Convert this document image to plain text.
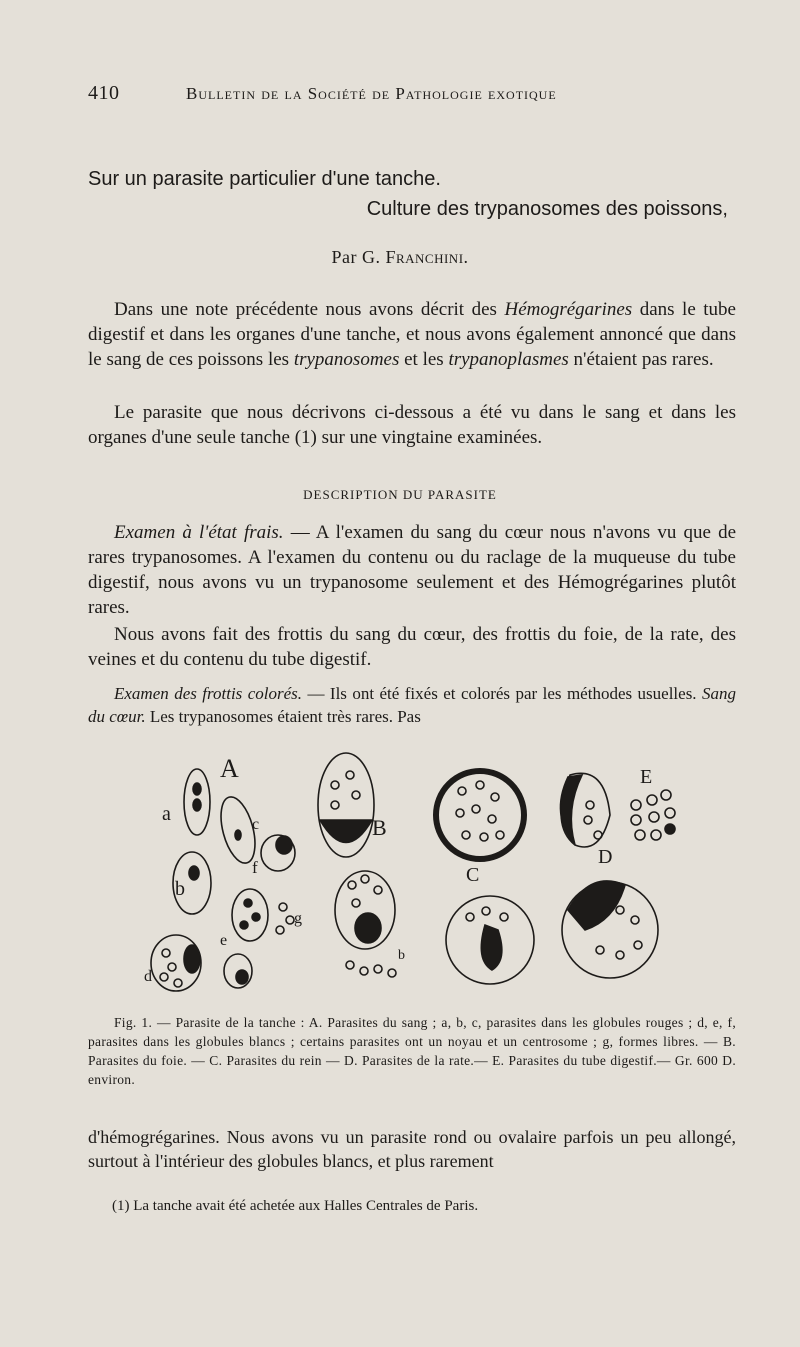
410	Bulletin de la Société de Pathologie exotique
Sur un parasite particulier d'une tanche.
Culture des trypanosomes des poissons,
Par G. Franchini.
Dans une note précédente nous avons décrit des Hémogrégarines dans le tube digestif et dans les organes d'une tanche, et nous avons également annoncé que dans le sang de ces poissons les trypanosomes et les trypanoplasmes n'étaient pas rares.
Le parasite que nous décrivons ci-dessous a été vu dans le sang et dans les organes d'une seule tanche (1) sur une vingtaine examinées.
DESCRIPTION DU PARASITE
Examen à l'état frais. — A l'examen du sang du cœur nous n'avons vu que de rares trypanosomes. A l'examen du contenu ou du raclage de la muqueuse du tube digestif, nous avons vu un trypanosome seulement et des Hémogrégarines plutôt rares.
Nous avons fait des frottis du sang du cœur, des frottis du foie, de la rate, des veines et du contenu du tube digestif.
Examen des frottis colorés. — Ils ont été fixés et colorés par les méthodes usuelles. Sang du cœur. Les trypanosomes étaient très rares. Pas
A
a	c
b
f
e
g
d
B
b
C
D
E
Fig. 1. — Parasite de la tanche : A. Parasites du sang ; a, b, c, parasites dans les globules rouges ; d, e, f, parasites dans les globules blancs ; certains parasites ont un noyau et un centrosome ; g, formes libres. — B. Parasites du foie. — C. Parasites du rein — D. Parasites de la rate.— E. Parasites du tube digestif.— Gr. 600 D. environ.
d'hémogrégarines. Nous avons vu un parasite rond ou ovalaire parfois un peu allongé, surtout à l'intérieur des globules blancs, et plus rarement
(1) La tanche avait été achetée aux Halles Centrales de Paris.
